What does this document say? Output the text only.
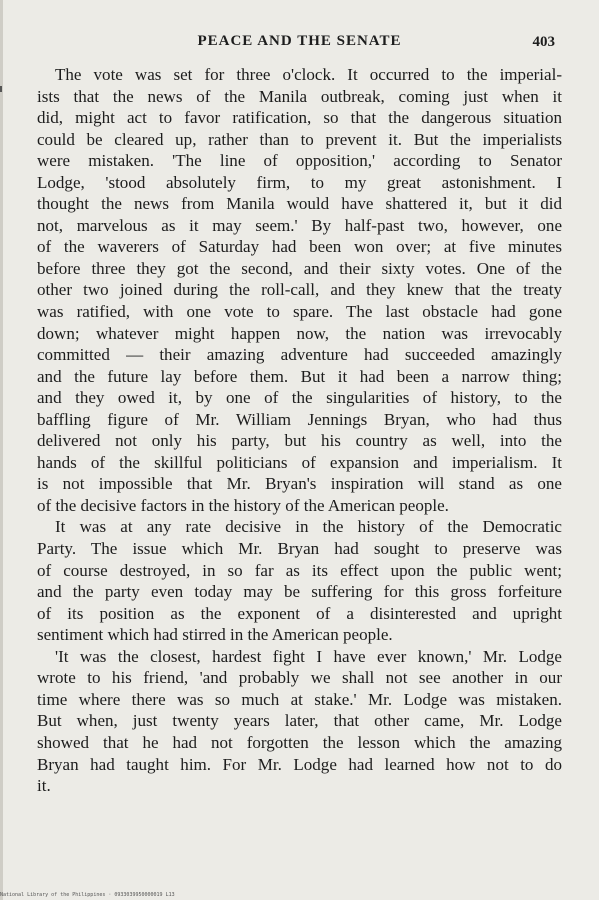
PEACE AND THE SENATE	403
The vote was set for three o'clock. It occurred to the imperial-
ists that the news of the Manila outbreak, coming just when it
did, might act to favor ratification, so that the dangerous situation
could be cleared up, rather than to prevent it. But the imperialists
were mistaken. 'The line of opposition,' according to Senator
Lodge, 'stood absolutely firm, to my great astonishment. I
thought the news from Manila would have shattered it, but it did
not, marvelous as it may seem.' By half-past two, however, one
of the waverers of Saturday had been won over; at five minutes
before three they got the second, and their sixty votes. One of the
other two joined during the roll-call, and they knew that the treaty
was ratified, with one vote to spare. The last obstacle had gone
down; whatever might happen now, the nation was irrevocably
committed — their amazing adventure had succeeded amazingly
and the future lay before them. But it had been a narrow thing;
and they owed it, by one of the singularities of history, to the
baffling figure of Mr. William Jennings Bryan, who had thus
delivered not only his party, but his country as well, into the
hands of the skillful politicians of expansion and imperialism. It
is not impossible that Mr. Bryan's inspiration will stand as one
of the decisive factors in the history of the American people.
It was at any rate decisive in the history of the Democratic
Party. The issue which Mr. Bryan had sought to preserve was
of course destroyed, in so far as its effect upon the public went;
and the party even today may be suffering for this gross forfeiture
of its position as the exponent of a disinterested and upright
sentiment which had stirred in the American people.
'It was the closest, hardest fight I have ever known,' Mr. Lodge
wrote to his friend, 'and probably we shall not see another in our
time where there was so much at stake.' Mr. Lodge was mistaken.
But when, just twenty years later, that other came, Mr. Lodge
showed that he had not forgotten the lesson which the amazing
Bryan had taught him. For Mr. Lodge had learned how not to do
it.
National Library of the Philippines · 0933039950000019 L13
